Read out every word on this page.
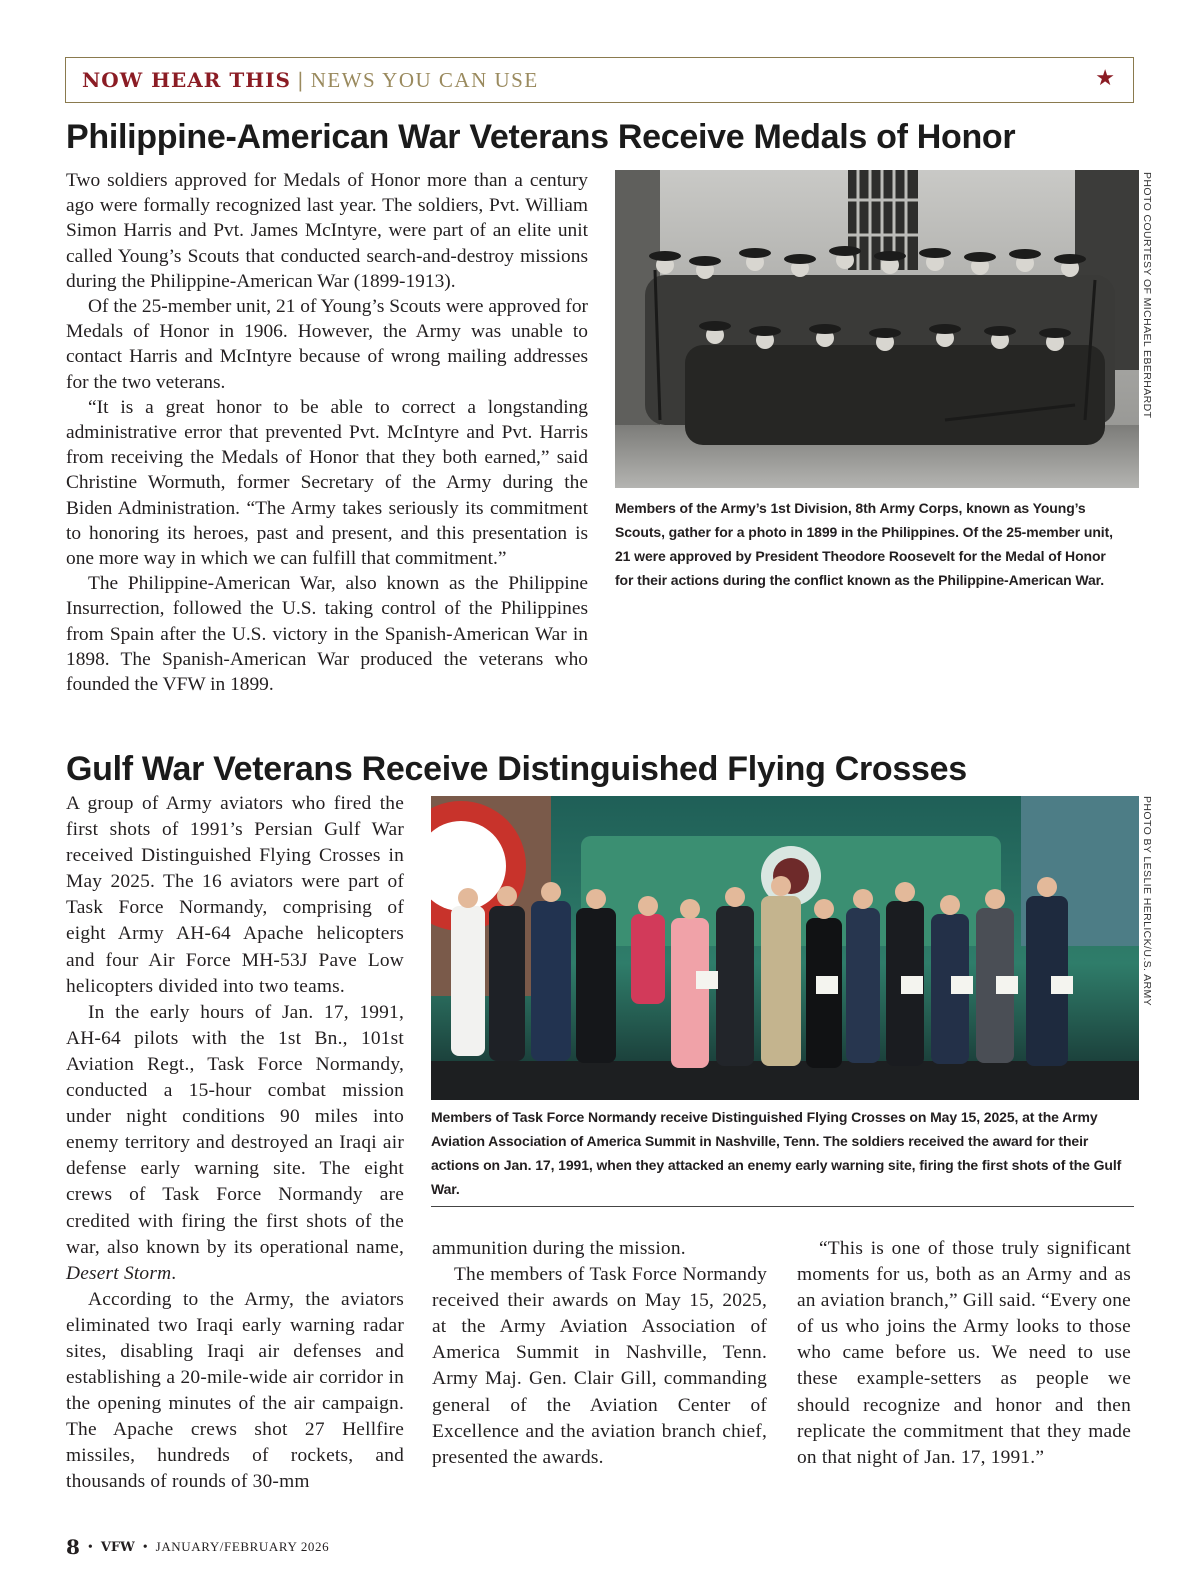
NOW HEAR THIS | NEWS YOU CAN USE	★
Philippine-American War Veterans Receive Medals of Honor

Two soldiers approved for Medals of Honor more than a century ago were formally recognized last year. The soldiers, Pvt. William Simon Harris and Pvt. James McIntyre, were part of an elite unit called Young’s Scouts that conducted search-and-destroy missions during the Philippine-American War (1899-1913).

Of the 25-member unit, 21 of Young’s Scouts were approved for Medals of Honor in 1906. However, the Army was unable to contact Harris and McIntyre because of wrong mailing addresses for the two veterans.

“It is a great honor to be able to correct a longstanding administrative error that prevented Pvt. McIntyre and Pvt. Harris from receiving the Medals of Honor that they both earned,” said Christine Wormuth, former Secretary of the Army during the Biden Administration. “The Army takes seriously its commitment to honoring its heroes, past and present, and this presentation is one more way in which we can fulfill that commitment.”

The Philippine-American War, also known as the Philippine Insurrection, followed the U.S. taking control of the Philippines from Spain after the U.S. victory in the Spanish-American War in 1898. The Spanish-American War produced the veterans who founded the VFW in 1899.

PHOTO COURTESY OF MICHAEL EBERHARDT
Members of the Army’s 1st Division, 8th Army Corps, known as Young’s Scouts, gather for a photo in 1899 in the Philippines. Of the 25-member unit, 21 were approved by President Theodore Roosevelt for the Medal of Honor for their actions during the conflict known as the Philippine-American War.
Gulf War Veterans Receive Distinguished Flying Crosses

A group of Army aviators who fired the first shots of 1991’s Persian Gulf War received Distinguished Flying Crosses in May 2025. The 16 aviators were part of Task Force Normandy, comprising of eight Army AH-64 Apache helicopters and four Air Force MH-53J Pave Low helicopters divided into two teams.

In the early hours of Jan. 17, 1991, AH-64 pilots with the 1st Bn., 101st Aviation Regt., Task Force Normandy, conducted a 15-hour combat mission under night conditions 90 miles into enemy territory and destroyed an Iraqi air defense early warning site. The eight crews of Task Force Normandy are credited with firing the first shots of the war, also known by its operational name, Desert Storm.

According to the Army, the aviators eliminated two Iraqi early warning radar sites, disabling Iraqi air defenses and establishing a 20-mile-wide air corridor in the opening minutes of the air campaign. The Apache crews shot 27 Hellfire missiles, hundreds of rockets, and thousands of rounds of 30-mm

PHOTO BY LESLIE HERLICK/U.S. ARMY
Members of Task Force Normandy receive Distinguished Flying Crosses on May 15, 2025, at the Army Aviation Association of America Summit in Nashville, Tenn. The soldiers received the award for their actions on Jan. 17, 1991, when they attacked an enemy early warning site, firing the first shots of the Gulf War.

ammunition during the mission.

The members of Task Force Normandy received their awards on May 15, 2025, at the Army Aviation Association of America Summit in Nashville, Tenn. Army Maj. Gen. Clair Gill, commanding general of the Aviation Center of Excellence and the aviation branch chief, presented the awards.

“This is one of those truly significant moments for us, both as an Army and as an aviation branch,” Gill said. “Every one of us who joins the Army looks to those who came before us. We need to use these example-setters as people we should recognize and honor and then replicate the commitment that they made on that night of Jan. 17, 1991.”

8 • VFW • JANUARY/FEBRUARY 2026
